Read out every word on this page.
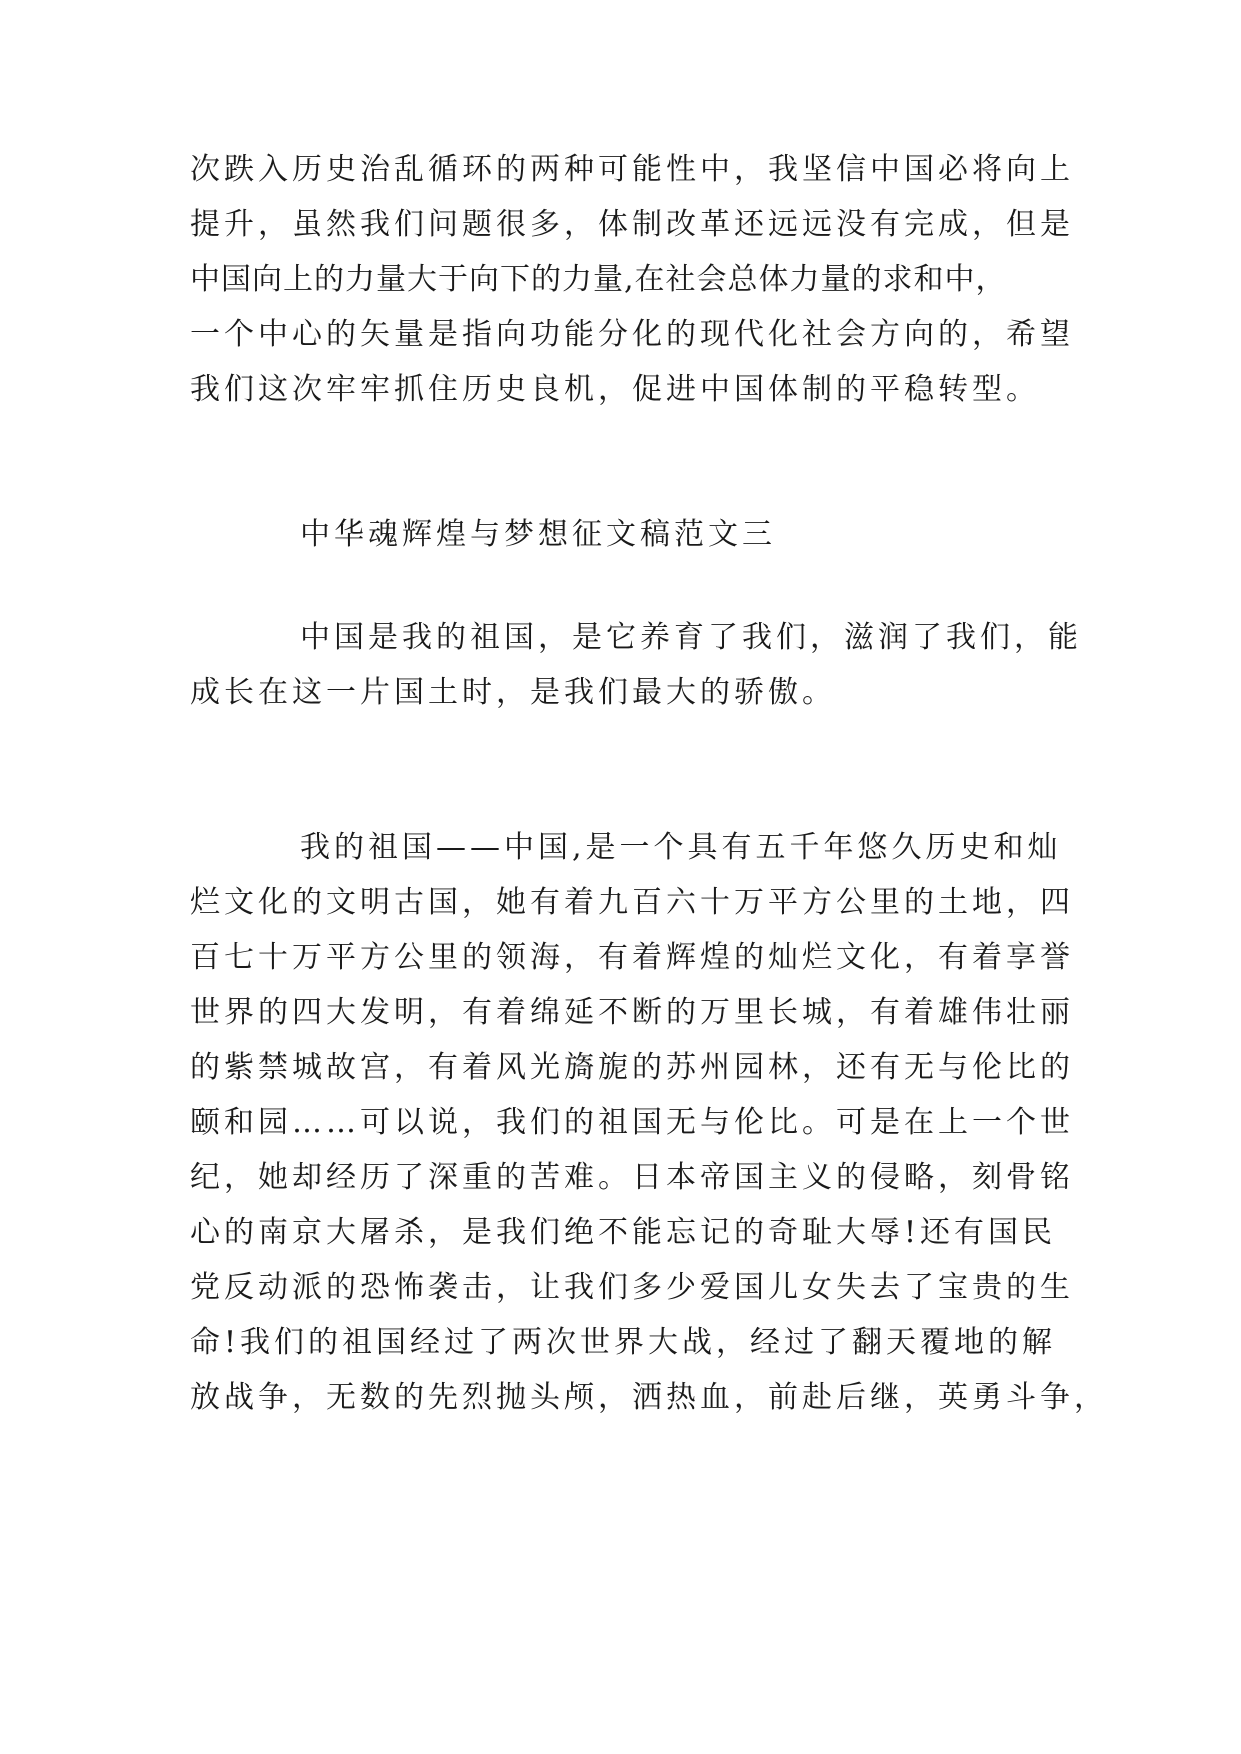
次跌入历史治乱循环的两种可能性中，我坚信中国必将向上

提升，虽然我们问题很多，体制改革还远远没有完成，但是

中国向上的力量大于向下的力量,在社会总体力量的求和中，

一个中心的矢量是指向功能分化的现代化社会方向的，希望

我们这次牢牢抓住历史良机，促进中国体制的平稳转型。

中华魂辉煌与梦想征文稿范文三

中国是我的祖国，是它养育了我们，滋润了我们，能

成长在这一片国土时，是我们最大的骄傲。

我的祖国——中国,是一个具有五千年悠久历史和灿

烂文化的文明古国，她有着九百六十万平方公里的土地，四

百七十万平方公里的领海，有着辉煌的灿烂文化，有着享誉

世界的四大发明，有着绵延不断的万里长城，有着雄伟壮丽

的紫禁城故宫，有着风光旖旎的苏州园林，还有无与伦比的

颐和园……可以说，我们的祖国无与伦比。可是在上一个世

纪，她却经历了深重的苦难。日本帝国主义的侵略，刻骨铭

心的南京大屠杀，是我们绝不能忘记的奇耻大辱!还有国民

党反动派的恐怖袭击，让我们多少爱国儿女失去了宝贵的生

命!我们的祖国经过了两次世界大战，经过了翻天覆地的解

放战争，无数的先烈抛头颅，洒热血，前赴后继，英勇斗争，
